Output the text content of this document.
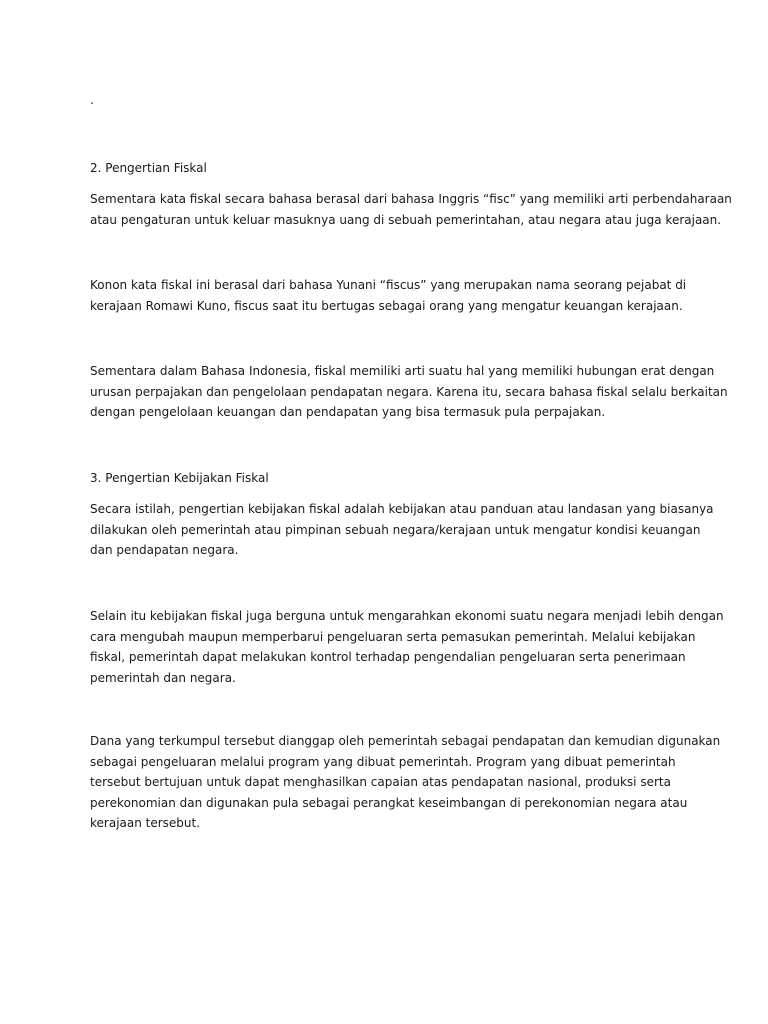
.
2. Pengerti̇an Fiskal

Sementara kata fiskal secara bahasa berasal dari bahasa Inggris “fisc” yang memiliki arti̇ perbendaharaan
atau pengaturan untuk keluar masuknya uang di sebuah pemerintahan, atau negara atau juga kerajaan.

Konon kata fiskal ini berasal dari bahasa Yunani “fiscus” yang merupakan nama seorang pejabat di
kerajaan Romawi Kuno, fiscus saat itu bertugas sebagai orang yang mengatur keuangan kerajaan.

Sementara dalam Bahasa Indonesia, fiskal memiliki arti̇ suatu hal yang memiliki hubungan erat dengan
urusan perpajakan dan pengelolaan pendapatan negara. Karena itu, secara bahasa fiskal selalu berkaitan
dengan pengelolaan keuangan dan pendapatan yang bisa termasuk pula perpajakan.

3. Pengerti̇an Kebijakan Fiskal

Secara isti̇lah, pengerti̇an kebijakan fiskal adalah kebijakan atau panduan atau landasan yang biasanya
dilakukan oleh pemerintah atau pimpinan sebuah negara/kerajaan untuk mengatur kondisi keuangan
dan pendapatan negara.

Selain itu kebijakan fiskal juga berguna untuk mengarahkan ekonomi suatu negara menjadi lebih dengan
cara mengubah maupun memperbarui pengeluaran serta pemasukan pemerintah. Melalui kebijakan
fiskal, pemerintah dapat melakukan kontrol terhadap pengendalian pengeluaran serta penerimaan
pemerintah dan negara.

Dana yang terkumpul tersebut dianggap oleh pemerintah sebagai pendapatan dan kemudian digunakan
sebagai pengeluaran melalui program yang dibuat pemerintah. Program yang dibuat pemerintah
tersebut bertujuan untuk dapat menghasilkan capaian atas pendapatan nasional, produksi serta
perekonomian dan digunakan pula sebagai perangkat keseimbangan di perekonomian negara atau
kerajaan tersebut.
